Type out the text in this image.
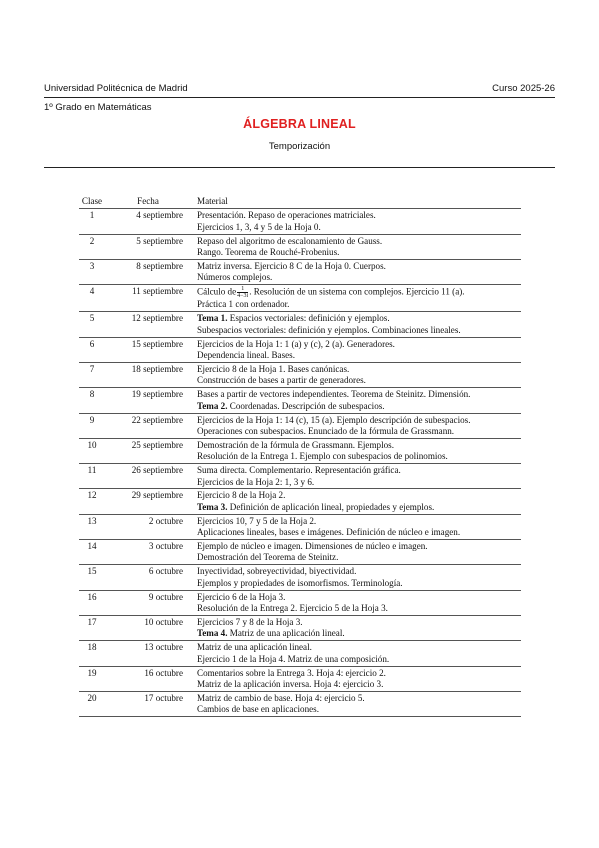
Universidad Politécnica de Madrid	Curso 2025-26
1º Grado en Matemáticas
ÁLGEBRA LINEAL
Temporización
Clase	Fecha	Material
1	4 septiembre	Presentación. Repaso de operaciones matriciales.
Ejercicios 1, 3, 4 y 5 de la Hoja 0.

2	5 septiembre	Repaso del algoritmo de escalonamiento de Gauss.
Rango. Teorema de Rouché-Frobenius.

3	8 septiembre	Matriz inversa. Ejercicio 8 C de la Hoja 0. Cuerpos.
Números complejos.

4	11 septiembre	Cálculo de $\frac{1}{4-3i}$ . Resolución de un sistema con complejos. Ejercicio 11 (a).
Práctica 1 con ordenador.

5	12 septiembre	Tema 1. Espacios vectoriales: definición y ejemplos.
Subespacios vectoriales: definición y ejemplos. Combinaciones lineales.

6	15 septiembre	Ejercicios de la Hoja 1: 1 (a) y (c), 2 (a). Generadores.
Dependencia lineal. Bases.

7	18 septiembre	Ejercicio 8 de la Hoja 1. Bases canónicas.
Construcción de bases a partir de generadores.

8	19 septiembre	Bases a partir de vectores independientes. Teorema de Steinitz. Dimensión.
Tema 2. Coordenadas. Descripción de subespacios.

9	22 septiembre	Ejercicios de la Hoja 1: 14 (c), 15 (a). Ejemplo descripción de subespacios.
Operaciones con subespacios. Enunciado de la fórmula de Grassmann.

10	25 septiembre	Demostración de la fórmula de Grassmann. Ejemplos.
Resolución de la Entrega 1. Ejemplo con subespacios de polinomios.

11	26 septiembre	Suma directa. Complementario. Representación gráfica.
Ejercicios de la Hoja 2: 1, 3 y 6.

12	29 septiembre	Ejercicio 8 de la Hoja 2.
Tema 3. Definición de aplicación lineal, propiedades y ejemplos.

13	2 octubre	Ejercicios 10, 7 y 5 de la Hoja 2.
Aplicaciones lineales, bases e imágenes. Definición de núcleo e imagen.

14	3 octubre	Ejemplo de núcleo e imagen. Dimensiones de núcleo e imagen.
Demostración del Teorema de Steinitz.

15	6 octubre	Inyectividad, sobreyectividad, biyectividad.
Ejemplos y propiedades de isomorfismos. Terminología.

16	9 octubre	Ejercicio 6 de la Hoja 3.
Resolución de la Entrega 2. Ejercicio 5 de la Hoja 3.

17	10 octubre	Ejercicios 7 y 8 de la Hoja 3.
Tema 4. Matriz de una aplicación lineal.

18	13 octubre	Matriz de una aplicación lineal.
Ejercicio 1 de la Hoja 4. Matriz de una composición.

19	16 octubre	Comentarios sobre la Entrega 3. Hoja 4: ejercicio 2.
Matriz de la aplicación inversa. Hoja 4: ejercicio 3.

20	17 octubre	Matriz de cambio de base. Hoja 4: ejercicio 5.
Cambios de base en aplicaciones.
